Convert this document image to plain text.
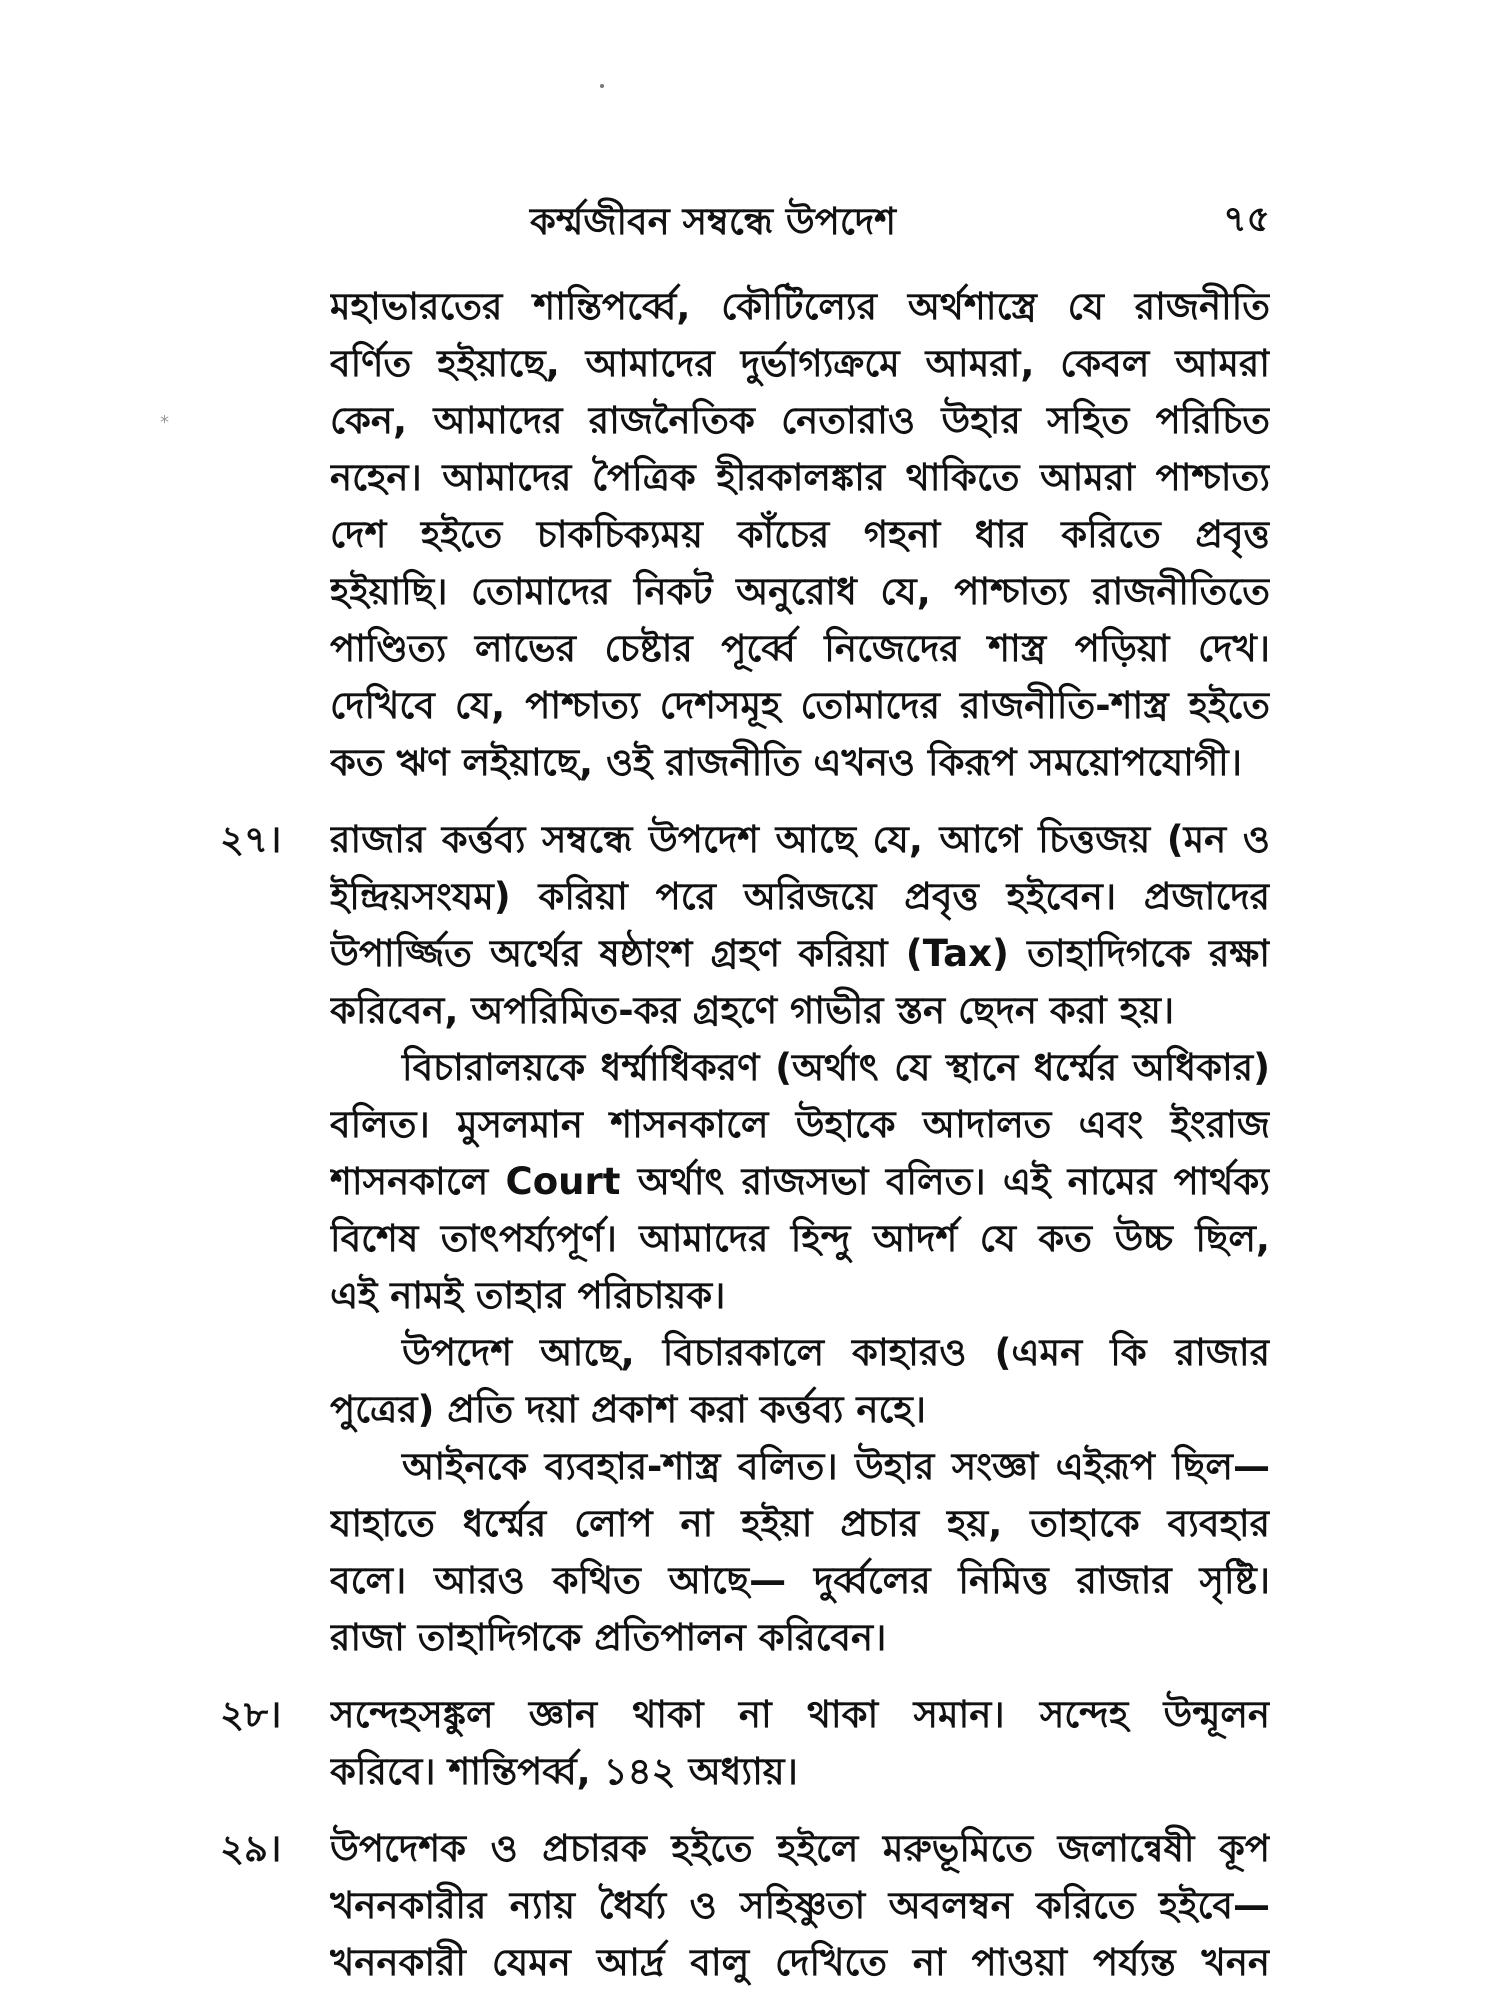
*
কর্ম্মজীবন সম্বন্ধে উপদেশ	৭৫
মহাভারতের শান্তিপর্ব্বে, কৌটিল্যের অর্থশাস্ত্রে যে রাজনীতি
বর্ণিত হইয়াছে, আমাদের দুর্ভাগ্যক্রমে আমরা, কেবল আমরা
কেন, আমাদের রাজনৈতিক নেতারাও উহার সহিত পরিচিত
নহেন। আমাদের পৈত্রিক হীরকালঙ্কার থাকিতে আমরা পাশ্চাত্য
দেশ হইতে চাকচিক্যময় কাঁচের গহনা ধার করিতে প্রবৃত্ত
হইয়াছি। তোমাদের নিকট অনুরোধ যে, পাশ্চাত্য রাজনীতিতে
পাণ্ডিত্য লাভের চেষ্টার পূর্ব্বে নিজেদের শাস্ত্র পড়িয়া দেখ।
দেখিবে যে, পাশ্চাত্য দেশসমূহ তোমাদের রাজনীতি-শাস্ত্র হইতে
কত ঋণ লইয়াছে, ওই রাজনীতি এখনও কিরূপ সময়োপযোগী।
২৭। রাজার কর্ত্তব্য সম্বন্ধে উপদেশ আছে যে, আগে চিত্তজয় (মন ও
ইন্দ্রিয়সংযম) করিয়া পরে অরিজয়ে প্রবৃত্ত হইবেন। প্রজাদের
উপার্জ্জিত অর্থের ষষ্ঠাংশ গ্রহণ করিয়া (Tax) তাহাদিগকে রক্ষা
করিবেন, অপরিমিত-কর গ্রহণে গাভীর স্তন ছেদন করা হয়।
বিচারালয়কে ধর্ম্মাধিকরণ (অর্থাৎ যে স্থানে ধর্ম্মের অধিকার)
বলিত। মুসলমান শাসনকালে উহাকে আদালত এবং ইংরাজ
শাসনকালে Court অর্থাৎ রাজসভা বলিত। এই নামের পার্থক্য
বিশেষ তাৎপর্য্যপূর্ণ। আমাদের হিন্দু আদর্শ যে কত উচ্চ ছিল,
এই নামই তাহার পরিচায়ক।
উপদেশ আছে, বিচারকালে কাহারও (এমন কি রাজার
পুত্রের) প্রতি দয়া প্রকাশ করা কর্ত্তব্য নহে।
আইনকে ব্যবহার-শাস্ত্র বলিত। উহার সংজ্ঞা এইরূপ ছিল—
যাহাতে ধর্ম্মের লোপ না হইয়া প্রচার হয়, তাহাকে ব্যবহার
বলে। আরও কথিত আছে— দুর্ব্বলের নিমিত্ত রাজার সৃষ্টি।
রাজা তাহাদিগকে প্রতিপালন করিবেন।
২৮। সন্দেহসঙ্কুল জ্ঞান থাকা না থাকা সমান। সন্দেহ উন্মূলন
করিবে। শান্তিপর্ব্ব, ১৪২ অধ্যায়।
২৯। উপদেশক ও প্রচারক হইতে হইলে মরুভূমিতে জলান্বেষী কূপ
খননকারীর ন্যায় ধৈর্য্য ও সহিষ্ণুতা অবলম্বন করিতে হইবে—
খননকারী যেমন আর্দ্র বালু দেখিতে না পাওয়া পর্য্যন্ত খনন
